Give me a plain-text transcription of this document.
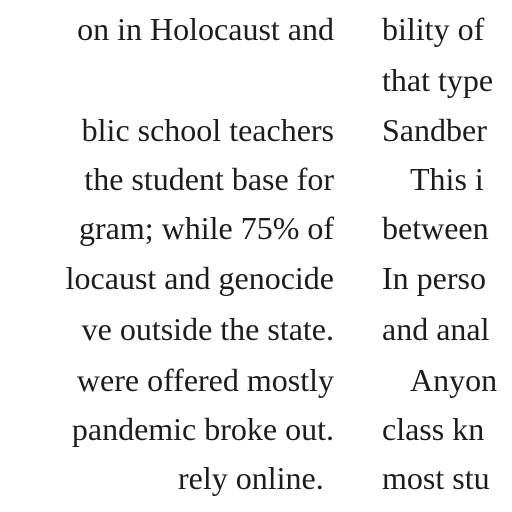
on in Holocaust and
blic school teachers
the student base for
gram; while 75% of
locaust and genocide
ve outside the state.
were offered mostly
pandemic broke out.
rely online.
bility of
that type
Sandber
This i
between
In perso
and anal
Anyon
class kn
most stu
